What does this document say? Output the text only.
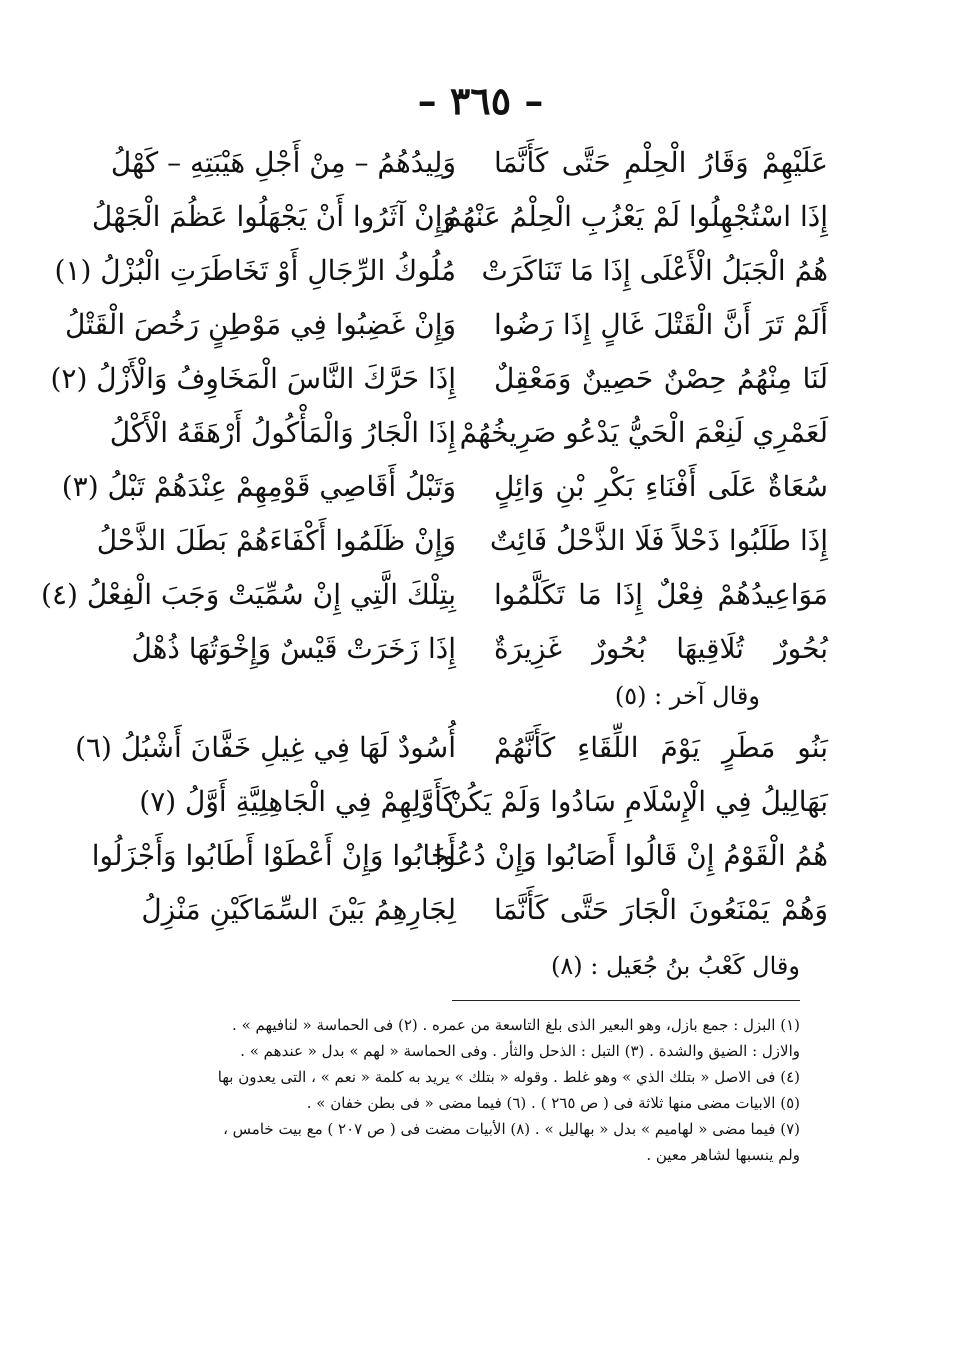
– ٣٦٥ –
عَلَيْهِمْ وَقَارُ الْحِلْمِ حَتَّى كَأَنَّمَا
وَلِيدُهُمُ – مِنْ أَجْلِ هَيْبَتِهِ – كَهْلُ
إِذَا اسْتُجْهِلُوا لَمْ يَعْزُبِ الْحِلْمُ عَنْهُمُ
وَإِنْ آثَرُوا أَنْ يَجْهَلُوا عَظُمَ الْجَهْلُ
هُمُ الْجَبَلُ الْأَعْلَى إِذَا مَا تَنَاكَرَتْ
مُلُوكُ الرِّجَالِ أَوْ تَخَاطَرَتِ الْبُزْلُ (١)
أَلَمْ تَرَ أَنَّ الْقَتْلَ غَالٍ إِذَا رَضُوا
وَإِنْ غَضِبُوا فِي مَوْطِنٍ رَخُصَ الْقَتْلُ
لَنَا مِنْهُمُ حِصْنٌ حَصِينٌ وَمَعْقِلٌ
إِذَا حَرَّكَ النَّاسَ الْمَخَاوِفُ وَالْأَزْلُ (٢)
لَعَمْرِي لَنِعْمَ الْحَيُّ يَدْعُو صَرِيخُهُمْ
إِذَا الْجَارُ وَالْمَأْكُولُ أَرْهَقَهُ الْأَكْلُ
سُعَاةٌ عَلَى أَفْنَاءِ بَكْرِ بْنِ وَائِلٍ
وَتَبْلُ أَقَاصِي قَوْمِهِمْ عِنْدَهُمْ تَبْلُ (٣)
إِذَا طَلَبُوا ذَحْلاً فَلَا الذَّحْلُ فَائِتٌ
وَإِنْ ظَلَمُوا أَكْفَاءَهُمْ بَطَلَ الذَّحْلُ
مَوَاعِيدُهُمْ فِعْلٌ إِذَا مَا تَكَلَّمُوا
بِتِلْكَ الَّتِي إِنْ سُمِّيَتْ وَجَبَ الْفِعْلُ (٤)
بُحُورٌ تُلَاقِيهَا بُحُورٌ غَزِيرَةٌ
إِذَا زَخَرَتْ قَيْسٌ وَإِخْوَتُهَا ذُهْلُ
وقال آخر : (٥)
بَنُو مَطَرٍ يَوْمَ اللِّقَاءِ كَأَنَّهُمْ
أُسُودٌ لَهَا فِي غِيلِ خَفَّانَ أَشْبُلُ (٦)
بَهَالِيلُ فِي الْإِسْلَامِ سَادُوا وَلَمْ يَكُنْ
كَأَوَّلِهِمْ فِي الْجَاهِلِيَّةِ أَوَّلُ (٧)
هُمُ الْقَوْمُ إِنْ قَالُوا أَصَابُوا وَإِنْ دُعُوا
أَجَابُوا وَإِنْ أَعْطَوْا أَطَابُوا وَأَجْزَلُوا
وَهُمْ يَمْنَعُونَ الْجَارَ حَتَّى كَأَنَّمَا
لِجَارِهِمُ بَيْنَ السِّمَاكَيْنِ مَنْزِلُ
وقال كَعْبُ بنُ جُعَيل : (٨)
(١) البزل : جمع بازل، وهو البعير الذى بلغ التاسعة من عمره . (٢) فى الحماسة « لنافيهم » .
والازل : الضيق والشدة . (٣) التبل : الذحل والثأر . وفى الحماسة « لهم » بدل « عندهم » .
(٤) فى الاصل « بتلك الذي » وهو غلط . وقوله « بتلك » يريد به كلمة « نعم » ، التى يعدون بها
(٥) الابيات مضى منها ثلاثة فى ( ص ٢٦٥ ) . (٦) فيما مضى « فى بطن خفان » .
(٧) فيما مضى « لهاميم » بدل « بهاليل » . (٨) الأبيات مضت فى ( ص ٢٠٧ ) مع بيت خامس ،
ولم ينسبها لشاهر معين .
